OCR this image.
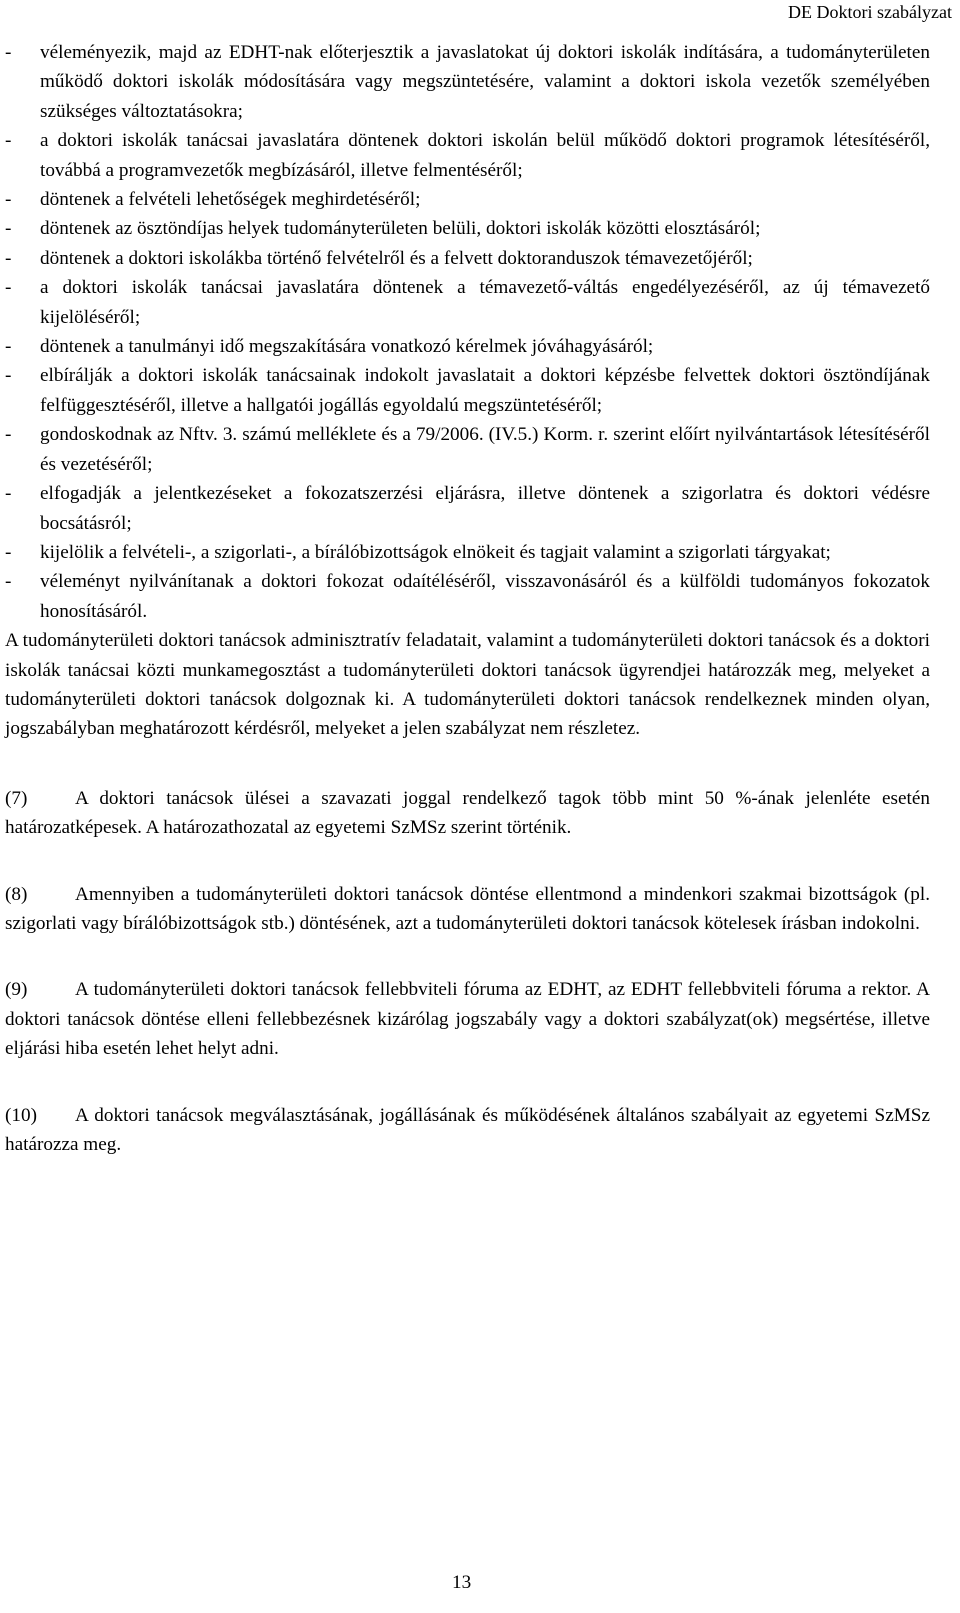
DE Doktori szabályzat
- véleményezik, majd az EDHT-nak előterjesztik a javaslatokat új doktori iskolák indítására, a tudományterületen működő doktori iskolák módosítására vagy megszüntetésére, valamint a doktori iskola vezetők személyében szükséges változtatásokra;
- a doktori iskolák tanácsai javaslatára döntenek doktori iskolán belül működő doktori programok létesítéséről, továbbá a programvezetők megbízásáról, illetve felmentéséről;
- döntenek a felvételi lehetőségek meghirdetéséről;
- döntenek az ösztöndíjas helyek tudományterületen belüli, doktori iskolák közötti elosztásáról;
- döntenek a doktori iskolákba történő felvételről és a felvett doktoranduszok témavezetőjéről;
- a doktori iskolák tanácsai javaslatára döntenek a témavezető-váltás engedélyezéséről, az új témavezető kijelöléséről;
- döntenek a tanulmányi idő megszakítására vonatkozó kérelmek jóváhagyásáról;
- elbírálják a doktori iskolák tanácsainak indokolt javaslatait a doktori képzésbe felvettek doktori ösztöndíjának felfüggesztéséről, illetve a hallgatói jogállás egyoldalú megszüntetéséről;
- gondoskodnak az Nftv. 3. számú melléklete és a 79/2006. (IV.5.) Korm. r. szerint előírt nyilvántartások létesítéséről és vezetéséről;
- elfogadják a jelentkezéseket a fokozatszerzési eljárásra, illetve döntenek a szigorlatra és doktori védésre bocsátásról;
- kijelölik a felvételi-, a szigorlati-, a bírálóbizottságok elnökeit és tagjait valamint a szigorlati tárgyakat;
- véleményt nyilvánítanak a doktori fokozat odaítéléséről, visszavonásáról és a külföldi tudományos fokozatok honosításáról.

A tudományterületi doktori tanácsok adminisztratív feladatait, valamint a tudományterületi doktori tanácsok és a doktori iskolák tanácsai közti munkamegosztást a tudományterületi doktori tanácsok ügyrendjei határozzák meg, melyeket a tudományterületi doktori tanácsok dolgoznak ki. A tudományterületi doktori tanácsok rendelkeznek minden olyan, jogszabályban meghatározott kérdésről, melyeket a jelen szabályzat nem részletez.

(7) A doktori tanácsok ülései a szavazati joggal rendelkező tagok több mint 50 %-ának jelenléte esetén határozatképesek. A határozathozatal az egyetemi SzMSz szerint történik.

(8) Amennyiben a tudományterületi doktori tanácsok döntése ellentmond a mindenkori szakmai bizottságok (pl. szigorlati vagy bírálóbizottságok stb.) döntésének, azt a tudományterületi doktori tanácsok kötelesek írásban indokolni.

(9) A tudományterületi doktori tanácsok fellebbviteli fóruma az EDHT, az EDHT fellebbviteli fóruma a rektor. A doktori tanácsok döntése elleni fellebbezésnek kizárólag jogszabály vagy a doktori szabályzat(ok) megsértése, illetve eljárási hiba esetén lehet helyt adni.

(10) A doktori tanácsok megválasztásának, jogállásának és működésének általános szabályait az egyetemi SzMSz határozza meg.

13
